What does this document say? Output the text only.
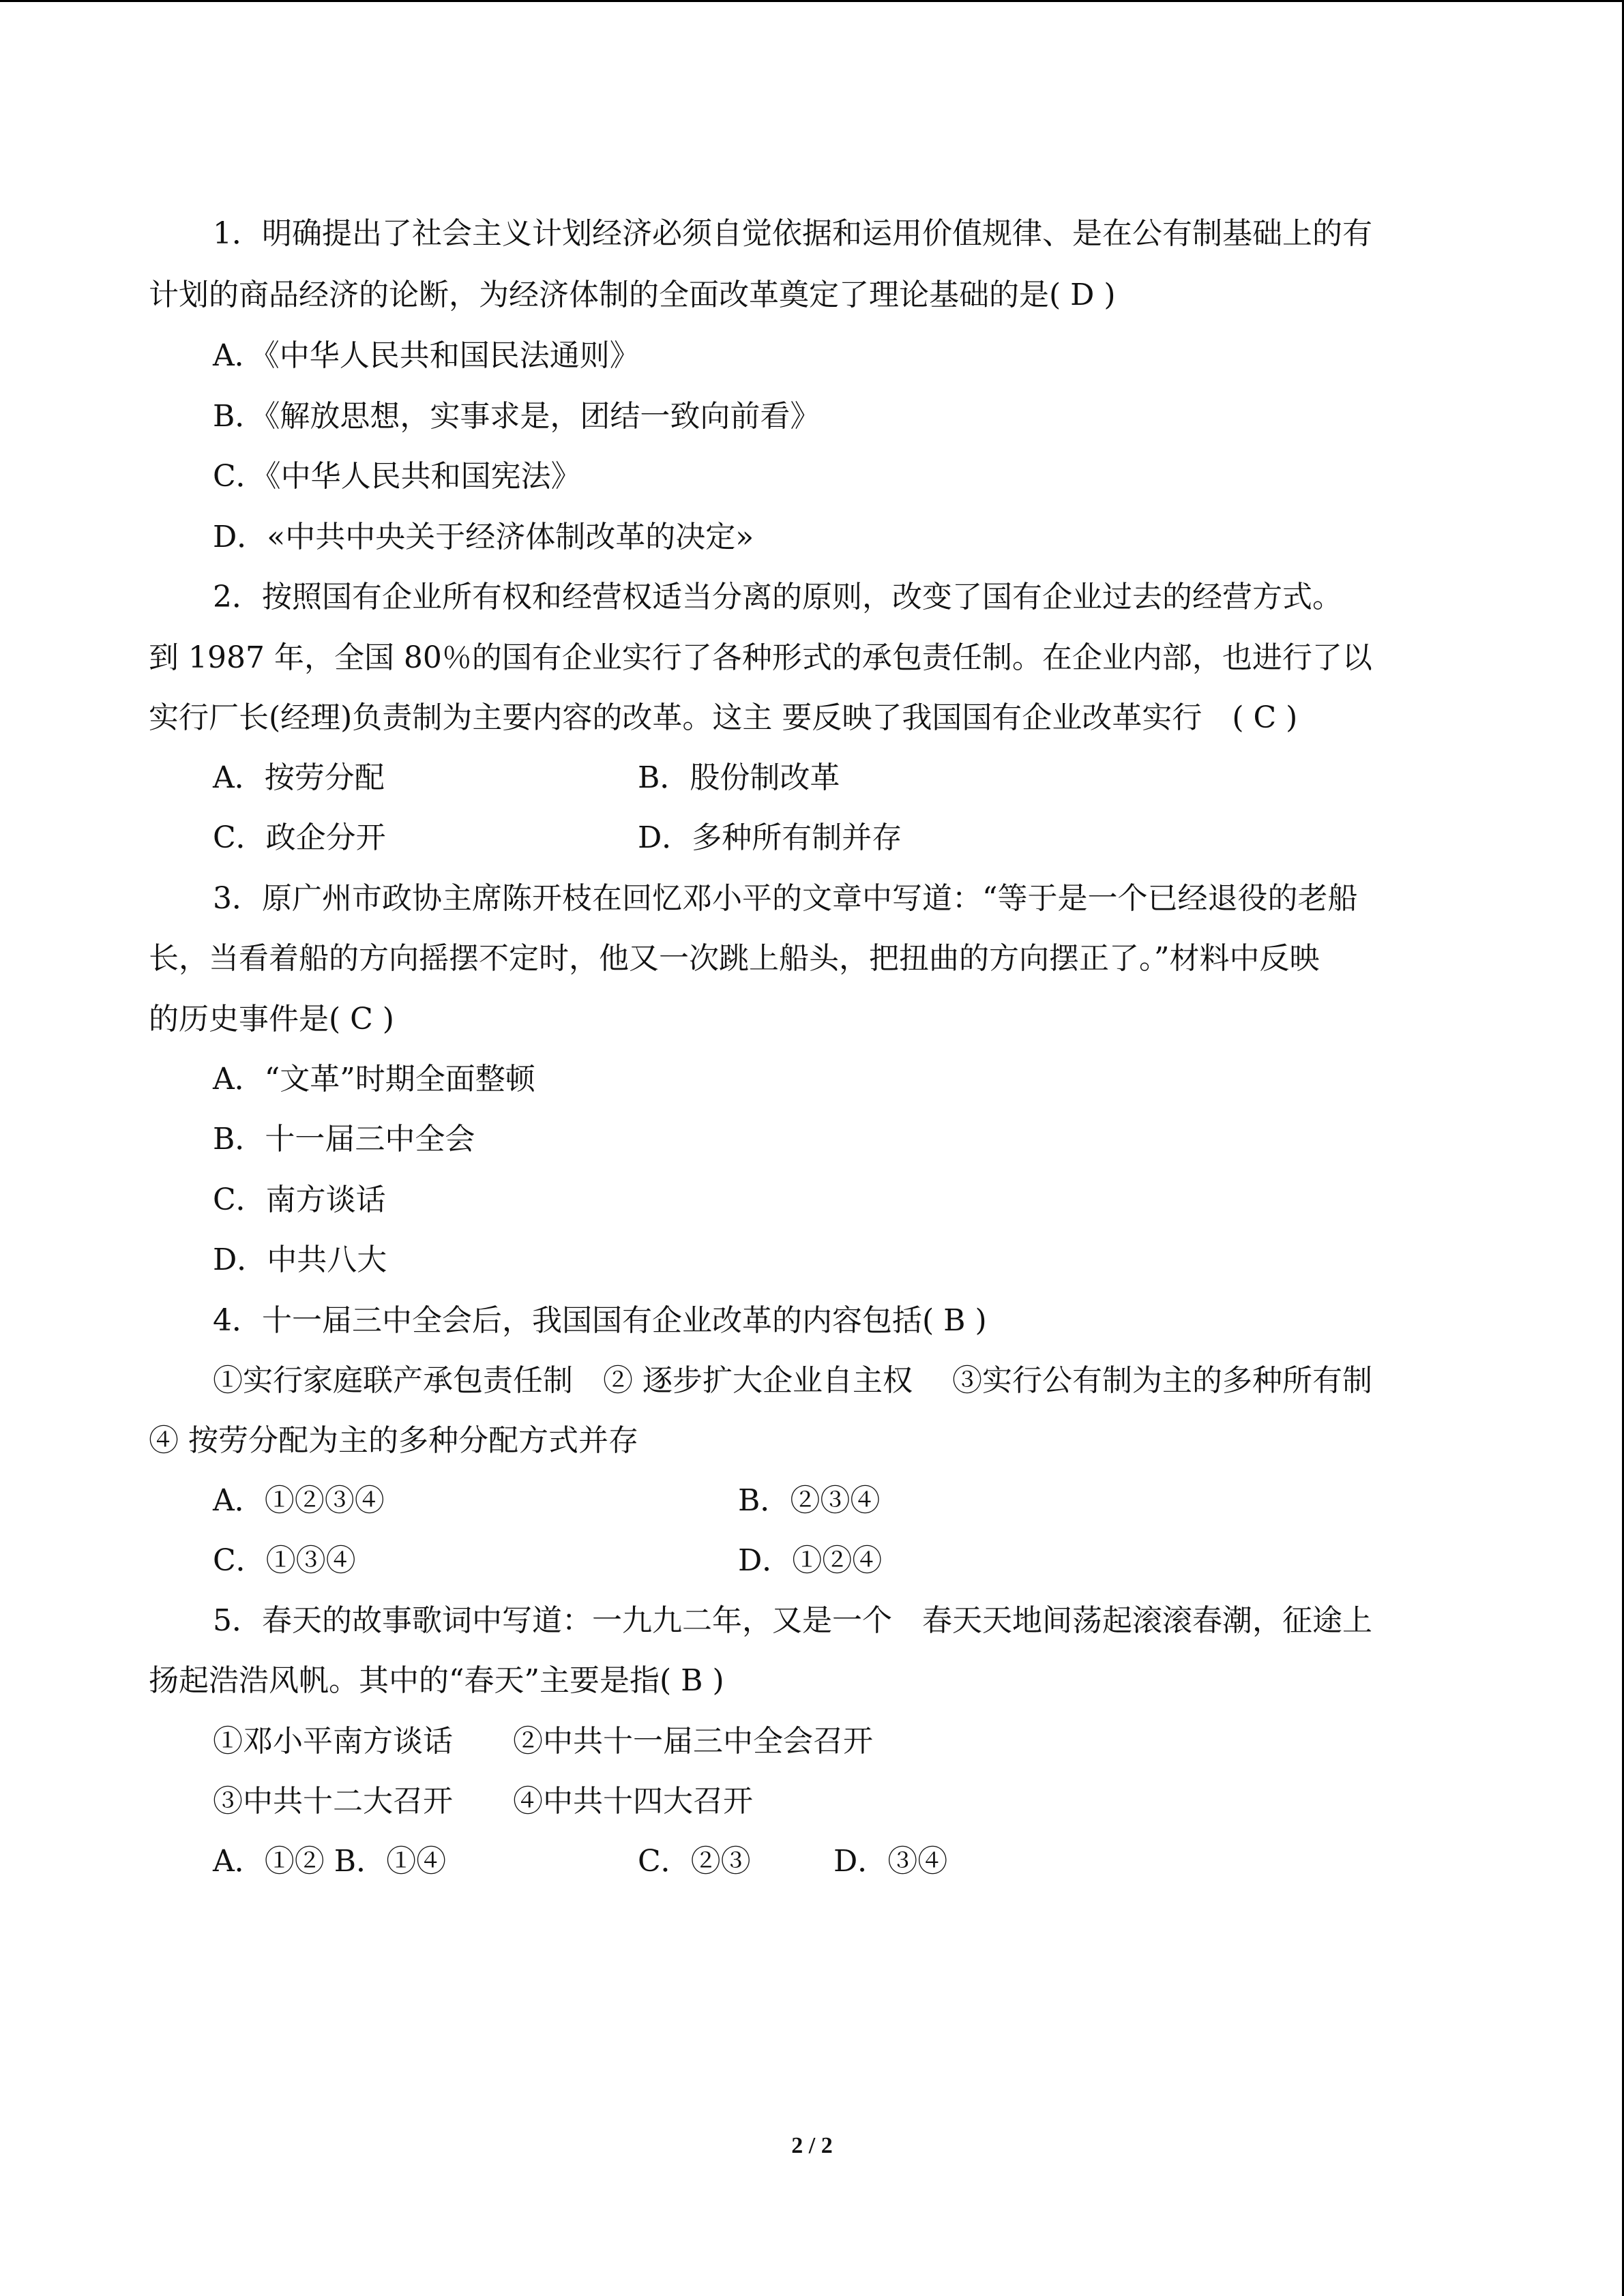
1．明确提出了社会主义计划经济必须自觉依据和运用价值规律、是在公有制基础上的有
计划的商品经济的论断，为经济体制的全面改革奠定了理论基础的是( D )
A．《中华人民共和国民法通则》
B．《解放思想，实事求是，团结一致向前看》
C．《中华人民共和国宪法》
D．«中共中央关于经济体制改革的决定»
2．按照国有企业所有权和经营权适当分离的原则，改变了国有企业过去的经营方式。
到 1987 年，全国 80％的国有企业实行了各种形式的承包责任制。在企业内部，也进行了以
实行厂长(经理)负责制为主要内容的改革。这主 要反映了我国国有企业改革实行　( C )
A．按劳分配	B．股份制改革
C．政企分开	D．多种所有制并存
3．原广州市政协主席陈开枝在回忆邓小平的文章中写道：“等于是一个已经退役的老船
长，当看着船的方向摇摆不定时，他又一次跳上船头，把扭曲的方向摆正了。”材料中反映
的历史事件是( C )
A．“文革”时期全面整顿
B．十一届三中全会
C．南方谈话
D．中共八大
4．十一届三中全会后，我国国有企业改革的内容包括( B )
①实行家庭联产承包责任制　② 逐步扩大企业自主权　 ③实行公有制为主的多种所有制
④ 按劳分配为主的多种分配方式并存
A．①②③④	B．②③④
C．①③④	D．①②④
5．春天的故事歌词中写道：一九九二年，又是一个　春天天地间荡起滚滚春潮，征途上
扬起浩浩风帆。其中的“春天”主要是指( B )
①邓小平南方谈话　　②中共十一届三中全会召开
③中共十二大召开　　④中共十四大召开
A．①② B．①④	C．②③	D．③④
2 / 2
